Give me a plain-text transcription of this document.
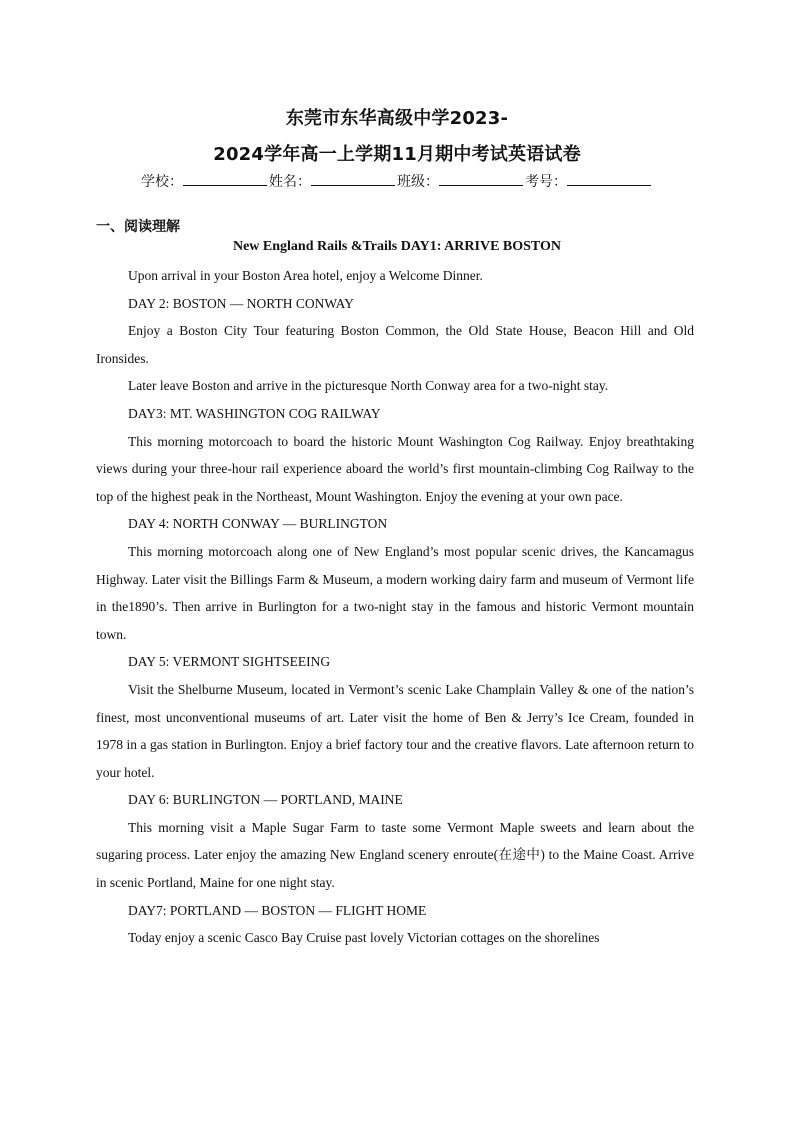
东莞市东华高级中学2023-
2024学年高一上学期11月期中考试英语试卷
学校：	姓名：	班级：	考号：
一、阅读理解
New England Rails &Trails DAY1: ARRIVE BOSTON

Upon arrival in your Boston Area hotel, enjoy a Welcome Dinner.

DAY 2: BOSTON — NORTH CONWAY

Enjoy a Boston City Tour featuring Boston Common, the Old State House, Beacon Hill and Old Ironsides.

Later leave Boston and arrive in the picturesque North Conway area for a two-night stay.

DAY3: MT. WASHINGTON COG RAILWAY

This morning motorcoach to board the historic Mount Washington Cog Railway. Enjoy breathtaking views during your three-hour rail experience aboard the world’s first mountain-climbing Cog Railway to the top of the highest peak in the Northeast, Mount Washington. Enjoy the evening at your own pace.

DAY 4: NORTH CONWAY — BURLINGTON

This morning motorcoach along one of New England’s most popular scenic drives, the Kancamagus Highway. Later visit the Billings Farm & Museum, a modern working dairy farm and museum of Vermont life in the1890’s. Then arrive in Burlington for a two-night stay in the famous and historic Vermont mountain town.

DAY 5: VERMONT SIGHTSEEING

Visit the Shelburne Museum, located in Vermont’s scenic Lake Champlain Valley & one of the nation’s finest, most unconventional museums of art. Later visit the home of Ben & Jerry’s Ice Cream, founded in 1978 in a gas station in Burlington. Enjoy a brief factory tour and the creative flavors. Late afternoon return to your hotel.

DAY 6: BURLINGTON — PORTLAND, MAINE

This morning visit a Maple Sugar Farm to taste some Vermont Maple sweets and learn about the sugaring process. Later enjoy the amazing New England scenery enroute(在途中) to the Maine Coast. Arrive in scenic Portland, Maine for one night stay.

DAY7: PORTLAND — BOSTON — FLIGHT HOME

Today enjoy a scenic Casco Bay Cruise past lovely Victorian cottages on the shorelines
